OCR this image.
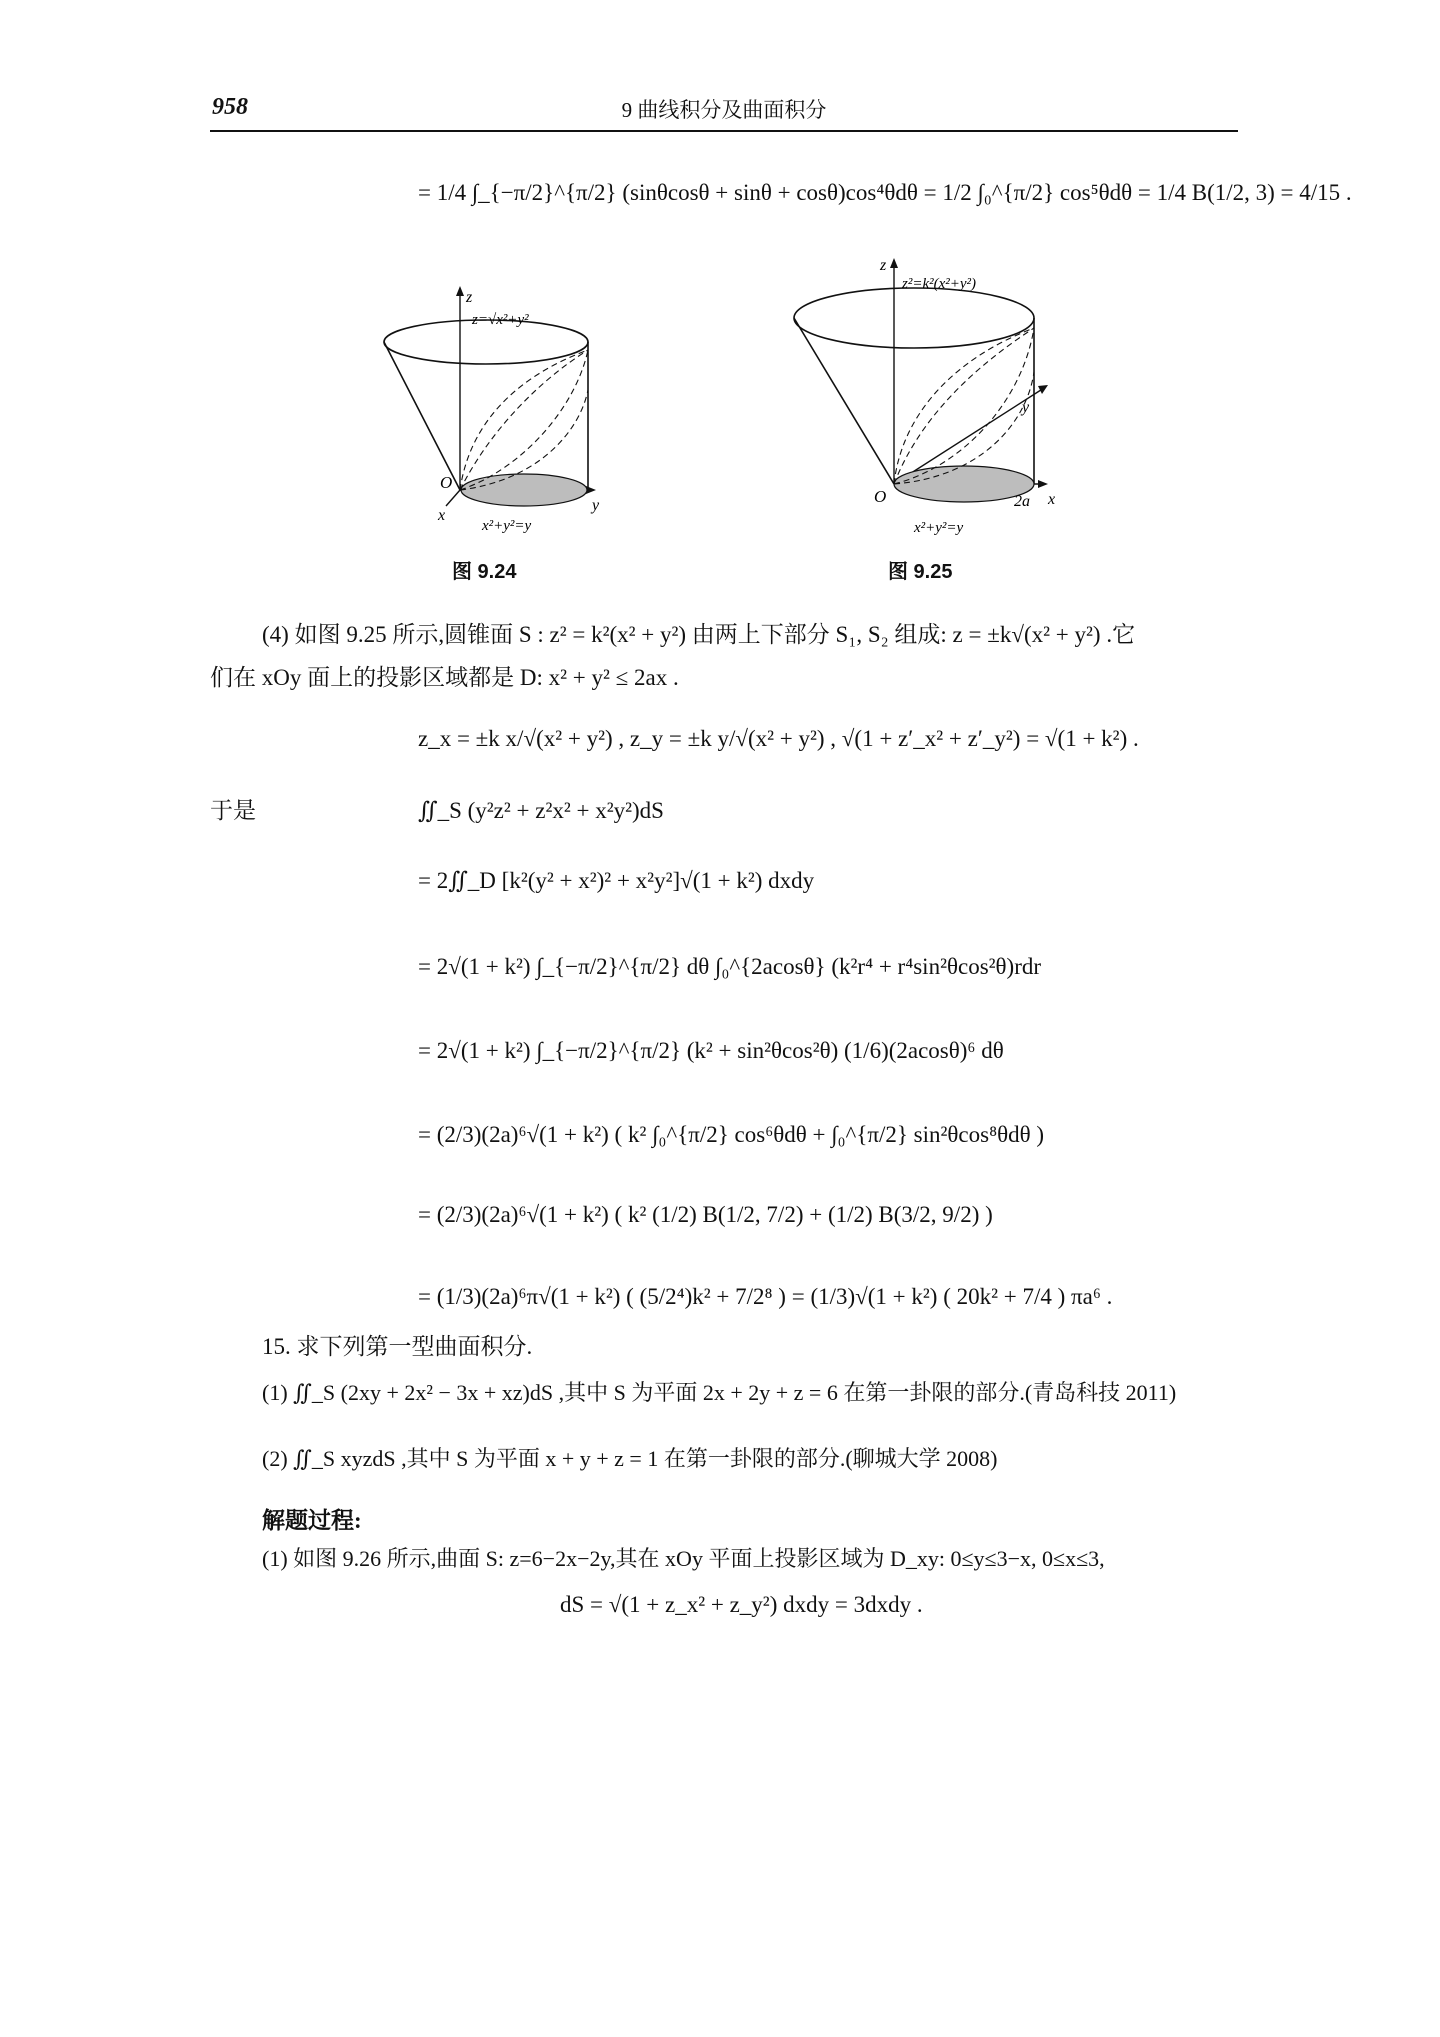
958	9 曲线积分及曲面积分
= 1/4 ∫_{−π/2}^{π/2} (sinθcosθ + sinθ + cosθ)cos⁴θdθ = 1/2 ∫₀^{π/2} cos⁵θdθ = 1/4 B(1/2, 3) = 4/15 .
z
z=√x²+y²
O
x
y
x²+y²=y
图 9.24
z
z²=k²(x²+y²)
y
O	2a x
x²+y²=y
图 9.25
(4) 如图 9.25 所示,圆锥面 S : z² = k²(x² + y²) 由两上下部分 S₁, S₂ 组成: z = ±k√(x² + y²) .它
们在 xOy 面上的投影区域都是 D: x² + y² ≤ 2ax .
z_x = ±k x/√(x² + y²) , z_y = ±k y/√(x² + y²) , √(1 + z′_x² + z′_y²) = √(1 + k²) .
于是	∬_S (y²z² + z²x² + x²y²)dS
= 2∬_D [k²(y² + x²)² + x²y²]√(1 + k²) dxdy
= 2√(1 + k²) ∫_{−π/2}^{π/2} dθ ∫₀^{2acosθ} (k²r⁴ + r⁴sin²θcos²θ)rdr
= 2√(1 + k²) ∫_{−π/2}^{π/2} (k² + sin²θcos²θ) (1/6)(2acosθ)⁶ dθ
= (2/3)(2a)⁶√(1 + k²) ( k² ∫₀^{π/2} cos⁶θdθ + ∫₀^{π/2} sin²θcos⁸θdθ )
= (2/3)(2a)⁶√(1 + k²) ( k² (1/2) B(1/2, 7/2) + (1/2) B(3/2, 9/2) )
= (1/3)(2a)⁶π√(1 + k²) ( (5/2⁴)k² + 7/2⁸ ) = (1/3)√(1 + k²) ( 20k² + 7/4 ) πa⁶ .
15. 求下列第一型曲面积分.
(1) ∬_S (2xy + 2x² − 3x + xz)dS ,其中 S 为平面 2x + 2y + z = 6 在第一卦限的部分.(青岛科技 2011)
(2) ∬_S xyzdS ,其中 S 为平面 x + y + z = 1 在第一卦限的部分.(聊城大学 2008)
解题过程:
(1) 如图 9.26 所示,曲面 S: z=6−2x−2y,其在 xOy 平面上投影区域为 D_xy: 0≤y≤3−x, 0≤x≤3,
dS = √(1 + z_x² + z_y²) dxdy = 3dxdy .
